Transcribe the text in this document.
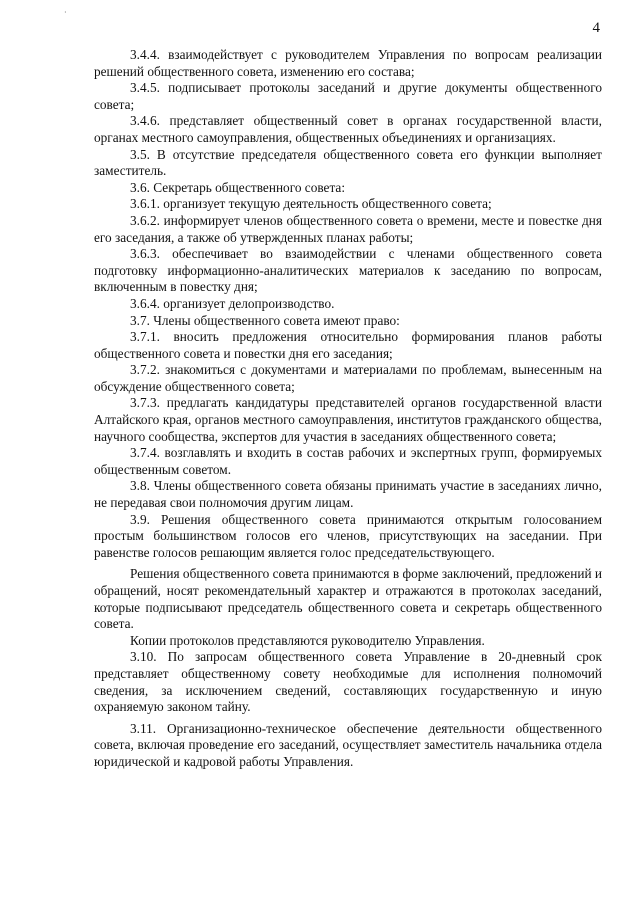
·
4

3.4.4. взаимодействует с руководителем Управления по вопросам реализации решений общественного совета, изменению его состава;

3.4.5. подписывает протоколы заседаний и другие документы общественного совета;

3.4.6. представляет общественный совет в органах государственной власти, органах местного самоуправления, общественных объединениях и организациях.

3.5. В отсутствие председателя общественного совета его функции выполняет заместитель.

3.6. Секретарь общественного совета:

3.6.1. организует текущую деятельность общественного совета;

3.6.2. информирует членов общественного совета о времени, месте и повестке дня его заседания, а также об утвержденных планах работы;

3.6.3. обеспечивает во взаимодействии с членами общественного совета подготовку информационно-аналитических материалов к заседанию по вопросам, включенным в повестку дня;

3.6.4. организует делопроизводство.

3.7. Члены общественного совета имеют право:

3.7.1. вносить предложения относительно формирования планов работы общественного совета и повестки дня его заседания;

3.7.2. знакомиться с документами и материалами по проблемам, вынесенным на обсуждение общественного совета;

3.7.3. предлагать кандидатуры представителей органов государственной власти Алтайского края, органов местного самоуправления, институтов гражданского общества, научного сообщества, экспертов для участия в заседаниях общественного совета;

3.7.4. возглавлять и входить в состав рабочих и экспертных групп, формируемых общественным советом.

3.8. Члены общественного совета обязаны принимать участие в заседаниях лично, не передавая свои полномочия другим лицам.

3.9. Решения общественного совета принимаются открытым голосованием простым большинством голосов его членов, присутствующих на заседании. При равенстве голосов решающим является голос председательствующего.

Решения общественного совета принимаются в форме заключений, предложений и обращений, носят рекомендательный характер и отражаются в протоколах заседаний, которые подписывают председатель общественного совета и секретарь общественного совета.

Копии протоколов представляются руководителю Управления.

3.10. По запросам общественного совета Управление в 20-дневный срок представляет общественному совету необходимые для исполнения полномочий сведения, за исключением сведений, составляющих государственную и иную охраняемую законом тайну.

3.11. Организационно-техническое обеспечение деятельности общественного совета, включая проведение его заседаний, осуществляет заместитель начальника отдела юридической и кадровой работы Управления.
